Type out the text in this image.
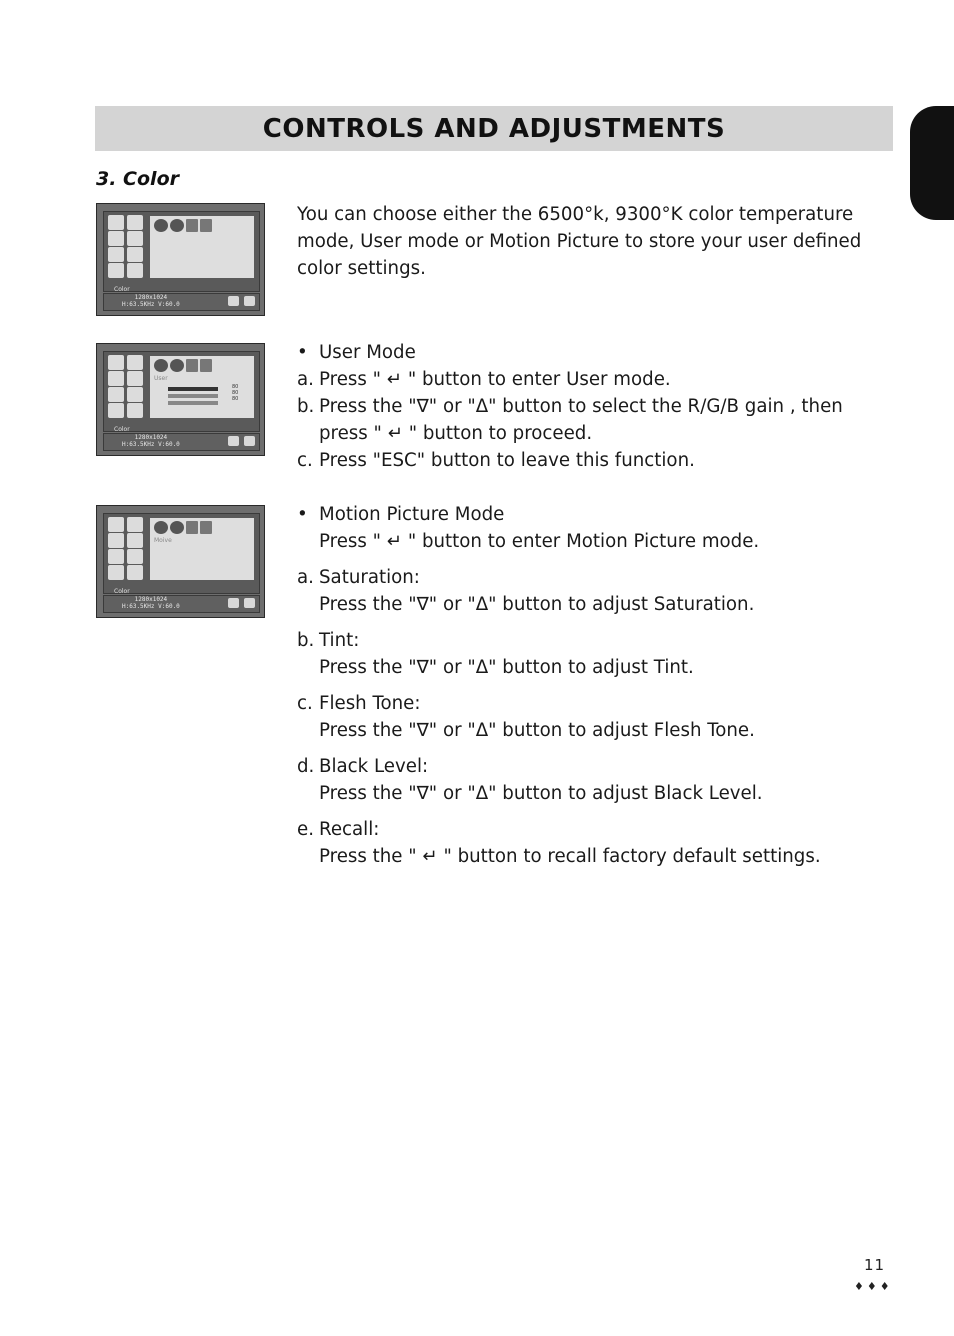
CONTROLS AND ADJUSTMENTS
3. Color
Color
1280x1024
H:63.5KHz V:60.0
User
80
80
80
Color
1280x1024
H:63.5KHz V:60.0
Moive
Color
1280x1024
H:63.5KHz V:60.0

You can choose either the 6500°k, 9300°K color temperature mode, User mode or Motion Picture to store your user defined color settings.

• User Mode
a. Press " ↵ " button to enter User mode.
b. Press the "∇" or "Δ" button to select the R/G/B gain , then press " ↵ " button to proceed.
c. Press "ESC" button to leave this function.
• Motion Picture Mode

Press " ↵ " button to enter Motion Picture mode.

a. Saturation:

Press the "∇" or "Δ" button to adjust Saturation.

b. Tint:

Press the "∇" or "Δ" button to adjust Tint.

c. Flesh Tone:

Press the "∇" or "Δ" button to adjust Flesh Tone.

d. Black Level:

Press the "∇" or "Δ" button to adjust Black Level.

e. Recall:

Press the " ↵ " button to recall factory default settings.

11
♦♦♦
